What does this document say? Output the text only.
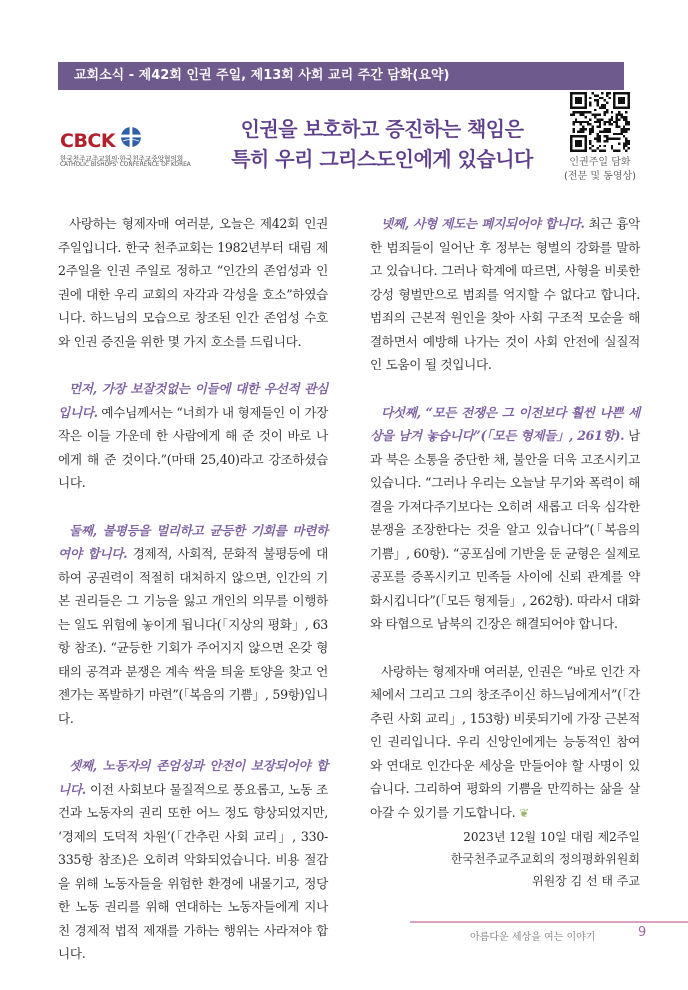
교회소식 - 제42회 인권 주일, 제13회 사회 교리 주간 담화(요약)
CBCK
한국천주교주교회의·한국천주교중앙협의회
CATHOLIC BISHOPS' CONFERENCE OF KOREA
인권을 보호하고 증진하는 책임은
특히 우리 그리스도인에게 있습니다	인권주일 담화
(전문 및 동영상)

사랑하는 형제자매 여러분, 오늘은 제42회 인권 주일입니다. 한국 천주교회는 1982년부터 대림 제2주일을 인권 주일로 정하고 “인간의 존엄성과 인권에 대한 우리 교회의 자각과 각성을 호소”하였습니다. 하느님의 모습으로 창조된 인간 존엄성 수호와 인권 증진을 위한 몇 가지 호소를 드립니다.

먼저, 가장 보잘것없는 이들에 대한 우선적 관심입니다. 예수님께서는 “너희가 내 형제들인 이 가장 작은 이들 가운데 한 사람에게 해 준 것이 바로 나에게 해 준 것이다.”(마태 25,40)라고 강조하셨습니다.

둘째, 불평등을 멀리하고 균등한 기회를 마련하여야 합니다. 경제적, 사회적, 문화적 불평등에 대하여 공권력이 적절히 대처하지 않으면, 인간의 기본 권리들은 그 기능을 잃고 개인의 의무를 이행하는 일도 위험에 놓이게 됩니다(「지상의 평화」, 63항 참조). “균등한 기회가 주어지지 않으면 온갖 형태의 공격과 분쟁은 계속 싹을 틔울 토양을 찾고 언젠가는 폭발하기 마련”(「복음의 기쁨」, 59항)입니다.

셋째, 노동자의 존엄성과 안전이 보장되어야 합니다. 이전 사회보다 물질적으로 풍요롭고, 노동 조건과 노동자의 권리 또한 어느 정도 향상되었지만, ‘경제의 도덕적 차원’(「간추린 사회 교리」, 330-335항 참조)은 오히려 악화되었습니다. 비용 절감을 위해 노동자들을 위험한 환경에 내몰기고, 정당한 노동 권리를 위해 연대하는 노동자들에게 지나친 경제적 법적 제재를 가하는 행위는 사라져야 합니다.

넷째, 사형 제도는 폐지되어야 합니다. 최근 흉악한 범죄들이 일어난 후 정부는 형벌의 강화를 말하고 있습니다. 그러나 학계에 따르면, 사형을 비롯한 강성 형벌만으로 범죄를 억지할 수 없다고 합니다. 범죄의 근본적 원인을 찾아 사회 구조적 모순을 해결하면서 예방해 나가는 것이 사회 안전에 실질적인 도움이 될 것입니다.

다섯째, “모든 전쟁은 그 이전보다 훨씬 나쁜 세상을 남겨 놓습니다”(「모든 형제들」, 261항). 남과 북은 소통을 중단한 채, 불안을 더욱 고조시키고 있습니다. “그러나 우리는 오늘날 무기와 폭력이 해결을 가져다주기보다는 오히려 새롭고 더욱 심각한 분쟁을 조장한다는 것을 알고 있습니다”(「복음의 기쁨」, 60항). “공포심에 기반을 둔 균형은 실제로 공포를 증폭시키고 민족들 사이에 신뢰 관계를 약화시킵니다”(「모든 형제들」, 262항). 따라서 대화와 타협으로 남북의 긴장은 해결되어야 합니다.

사랑하는 형제자매 여러분, 인권은 “바로 인간 자체에서 그리고 그의 창조주이신 하느님에게서”(「간추린 사회 교리」, 153항) 비롯되기에 가장 근본적인 권리입니다. 우리 신앙인에게는 능동적인 참여와 연대로 인간다운 세상을 만들어야 할 사명이 있습니다. 그리하여 평화의 기쁨을 만끽하는 삶을 살아갈 수 있기를 기도합니다. ❦

2023년 12월 10일 대림 제2주일
한국천주교주교회의 정의평화위원회
위원장 김 선 태 주교
아름다운 세상을 여는 이야기	9
